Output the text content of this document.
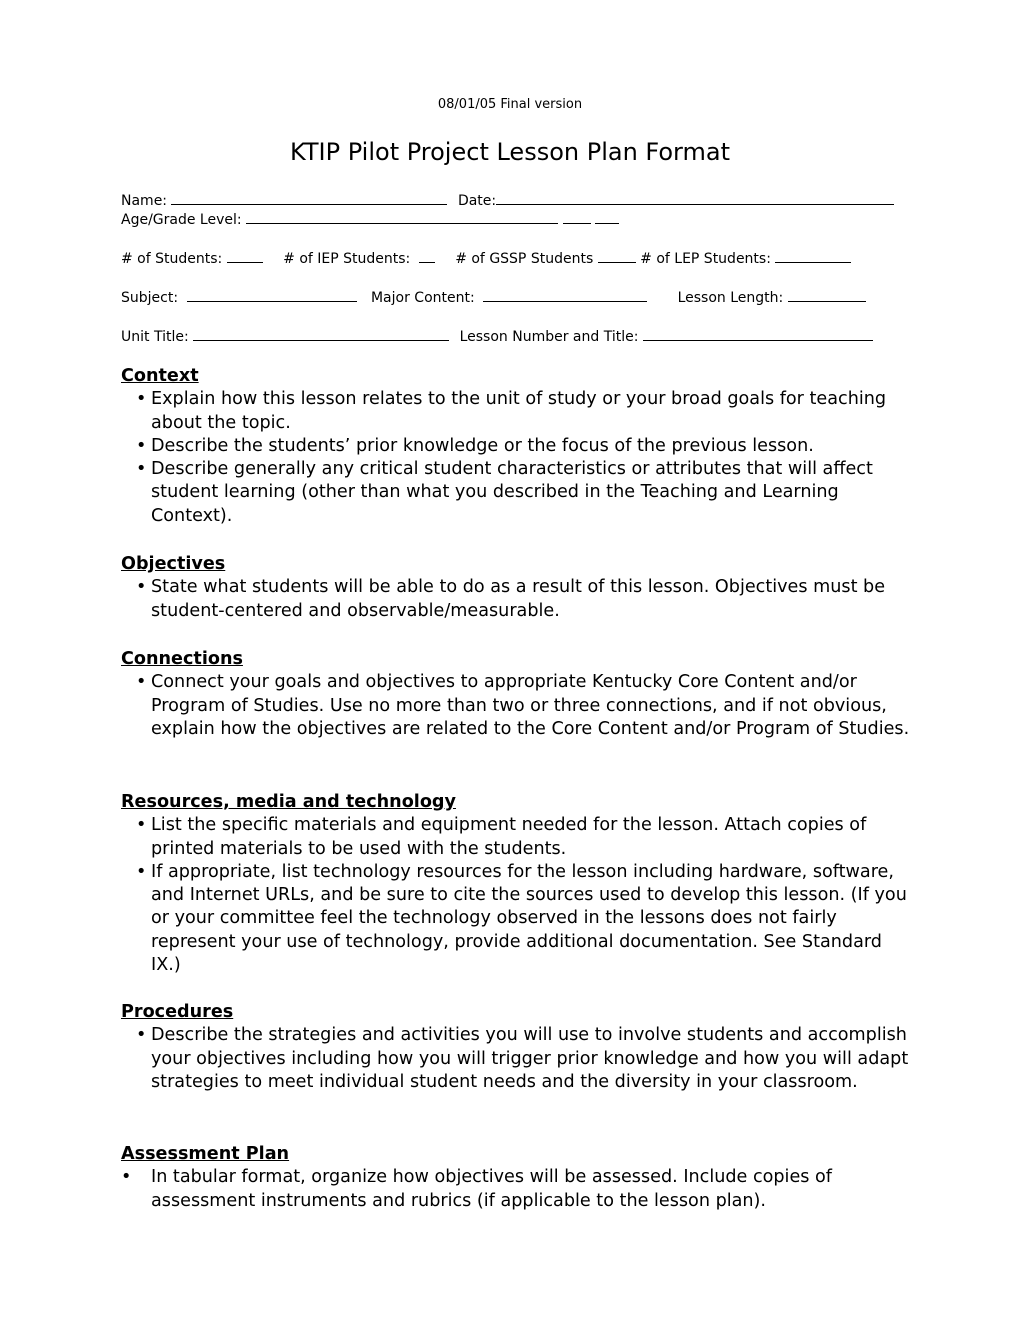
08/01/05 Final version
KTIP Pilot Project Lesson Plan Format
Name:	Date:
Age/Grade Level:
# of Students:	# of IEP Students:	# of GSSP Students	# of LEP Students:
Subject:	Major Content:	Lesson Length:
Unit Title:	Lesson Number and Title:
Context
• Explain how this lesson relates to the unit of study or your broad goals for teaching about the topic.
• Describe the students’ prior knowledge or the focus of the previous lesson.
• Describe generally any critical student characteristics or attributes that will affect student learning (other than what you described in the Teaching and Learning Context).
Objectives
• State what students will be able to do as a result of this lesson. Objectives must be student-centered and observable/measurable.
Connections
• Connect your goals and objectives to appropriate Kentucky Core Content and/or Program of Studies. Use no more than two or three connections, and if not obvious, explain how the objectives are related to the Core Content and/or Program of Studies.
Resources, media and technology
• List the specific materials and equipment needed for the lesson. Attach copies of printed materials to be used with the students.
• If appropriate, list technology resources for the lesson including hardware, software, and Internet URLs, and be sure to cite the sources used to develop this lesson. (If you or your committee feel the technology observed in the lessons does not fairly represent your use of technology, provide additional documentation. See Standard IX.)
Procedures
• Describe the strategies and activities you will use to involve students and accomplish your objectives including how you will trigger prior knowledge and how you will adapt strategies to meet individual student needs and the diversity in your classroom.
Assessment Plan
• In tabular format, organize how objectives will be assessed. Include copies of assessment instruments and rubrics (if applicable to the lesson plan).
